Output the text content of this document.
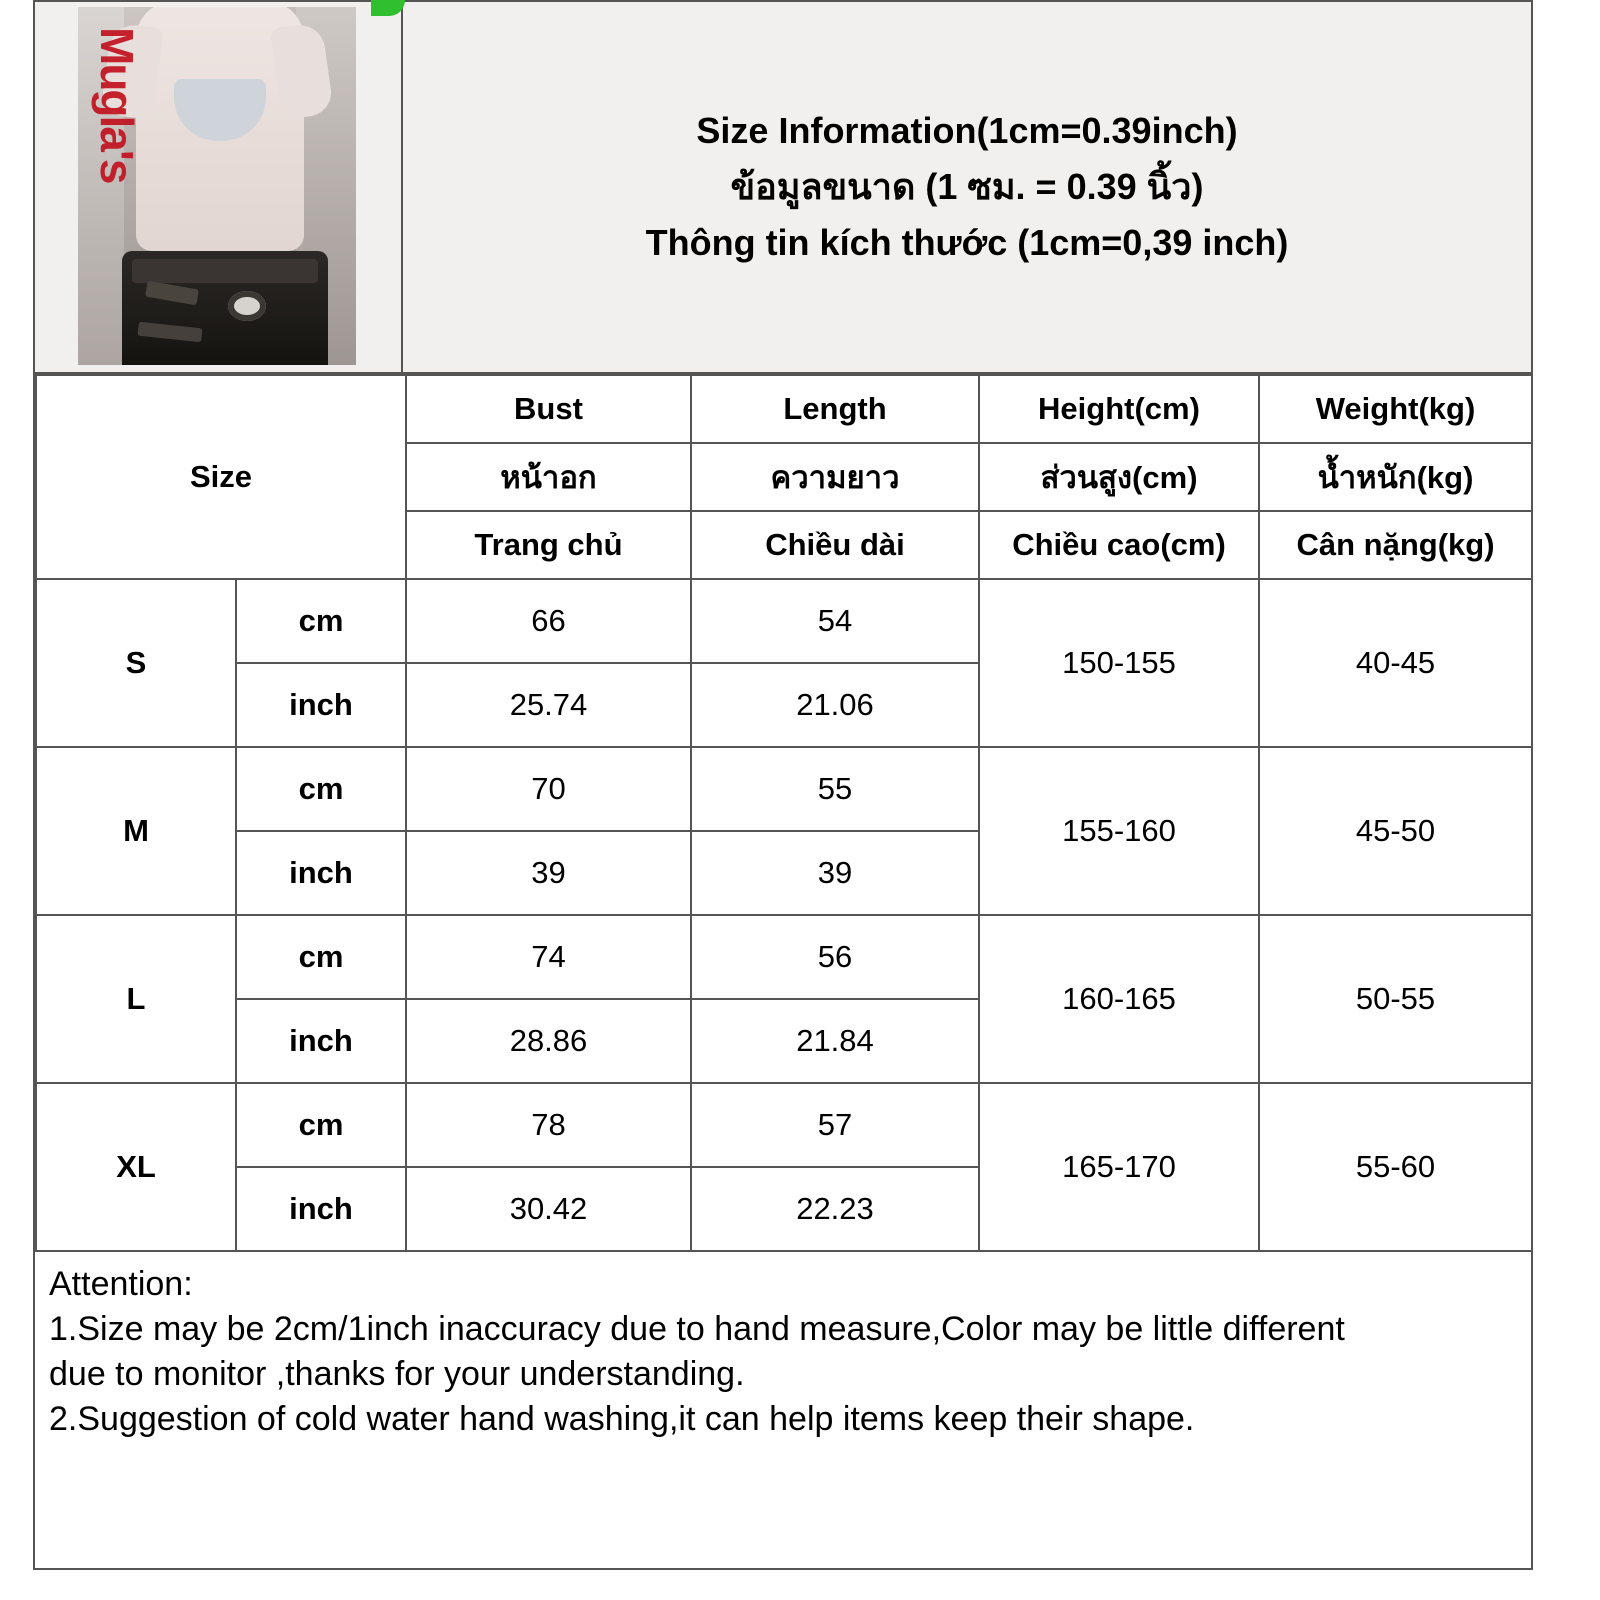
Mugla's	Size Information(1cm=0.39inch)
ข้อมูลขนาด (1 ซม. = 0.39 นิ้ว)
Thông tin kích thước (1cm=0,39 inch)
Size		Bust	Length	Height(cm)	Weight(kg)
		หน้าอก	ความยาว	ส่วนสูง(cm)	น้ำหนัก(kg)
		Trang chủ	Chiều dài	Chiều cao(cm)	Cân nặng(kg)
S	cm	66	54	150-155	40-45
	inch	25.74	21.06		
M	cm	70	55	155-160	45-50
	inch	39	39		
L	cm	74	56	160-165	50-55
	inch	28.86	21.84		
XL	cm	78	57	165-170	55-60
	inch	30.42	22.23		
Attention:
1.Size may be 2cm/1inch inaccuracy due to hand measure,Color may be little different
due to monitor ,thanks for your understanding.
2.Suggestion of cold water hand washing,it can help items keep their shape.
